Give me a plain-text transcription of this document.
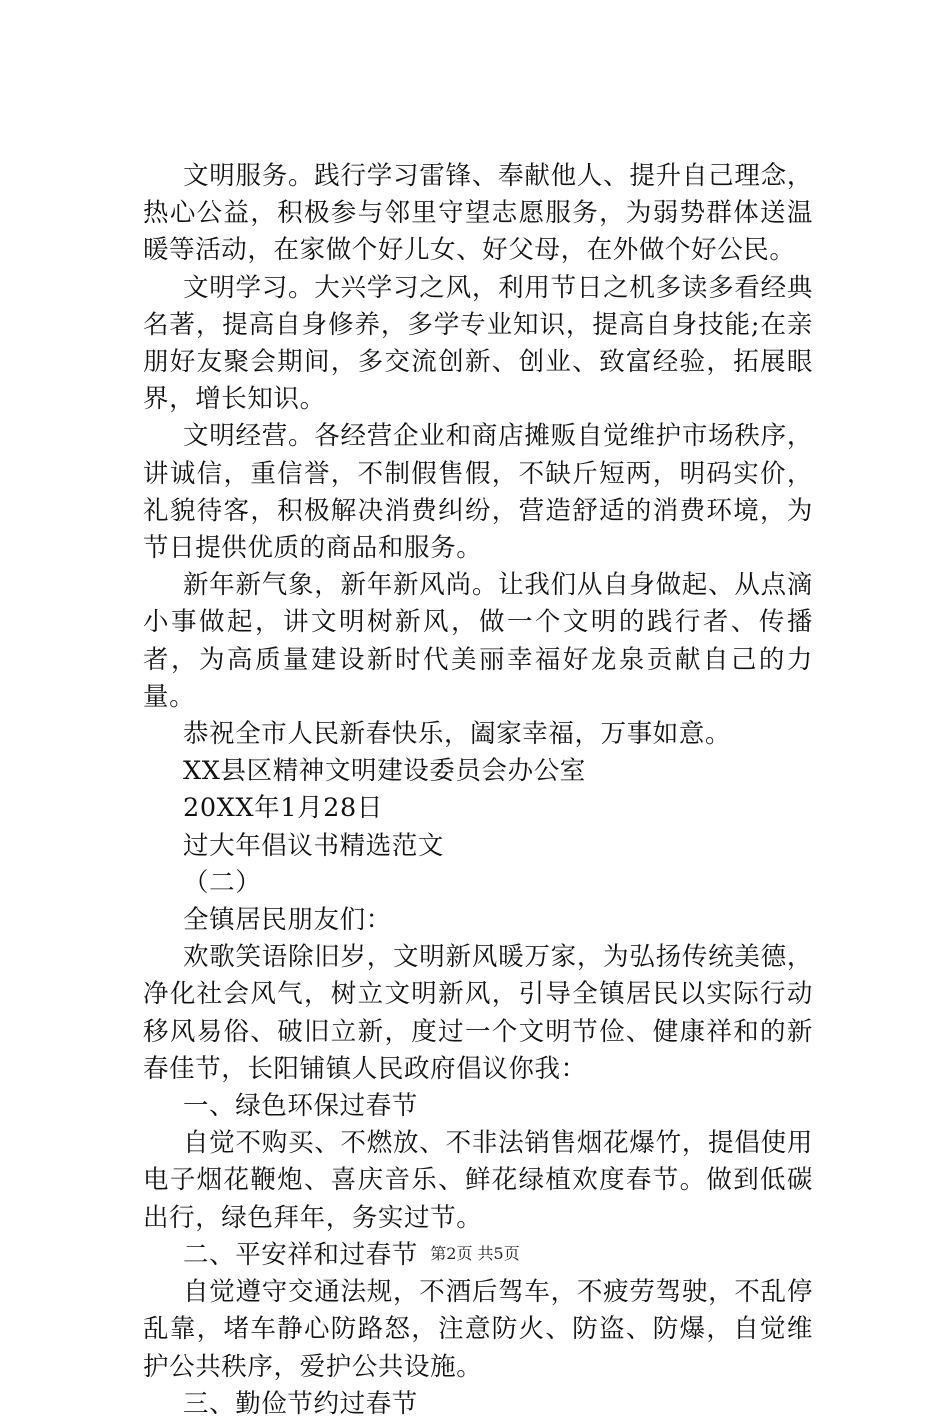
文明服务。践行学习雷锋、奉献他人、提升自己理念，热心公益，积极参与邻里守望志愿服务，为弱势群体送温暖等活动，在家做个好儿女、好父母，在外做个好公民。

文明学习。大兴学习之风，利用节日之机多读多看经典名著，提高自身修养，多学专业知识，提高自身技能;在亲朋好友聚会期间，多交流创新、创业、致富经验，拓展眼界，增长知识。

文明经营。各经营企业和商店摊贩自觉维护市场秩序，讲诚信，重信誉，不制假售假，不缺斤短两，明码实价，礼貌待客，积极解决消费纠纷，营造舒适的消费环境，为节日提供优质的商品和服务。

新年新气象，新年新风尚。让我们从自身做起、从点滴小事做起，讲文明树新风，做一个文明的践行者、传播者，为高质量建设新时代美丽幸福好龙泉贡献自己的力量。

恭祝全市人民新春快乐，阖家幸福，万事如意。

XX县区精神文明建设委员会办公室

20XX年1月28日

过大年倡议书精选范文

（二）

全镇居民朋友们：

欢歌笑语除旧岁，文明新风暖万家，为弘扬传统美德，净化社会风气，树立文明新风，引导全镇居民以实际行动移风易俗、破旧立新，度过一个文明节俭、健康祥和的新春佳节，长阳铺镇人民政府倡议你我：

一、绿色环保过春节

自觉不购买、不燃放、不非法销售烟花爆竹，提倡使用电子烟花鞭炮、喜庆音乐、鲜花绿植欢度春节。做到低碳出行，绿色拜年，务实过节。

二、平安祥和过春节

自觉遵守交通法规，不酒后驾车，不疲劳驾驶，不乱停乱靠，堵车静心防路怒，注意防火、防盗、防爆，自觉维护公共秩序，爱护公共设施。

三、勤俭节约过春节

第2页 共5页
